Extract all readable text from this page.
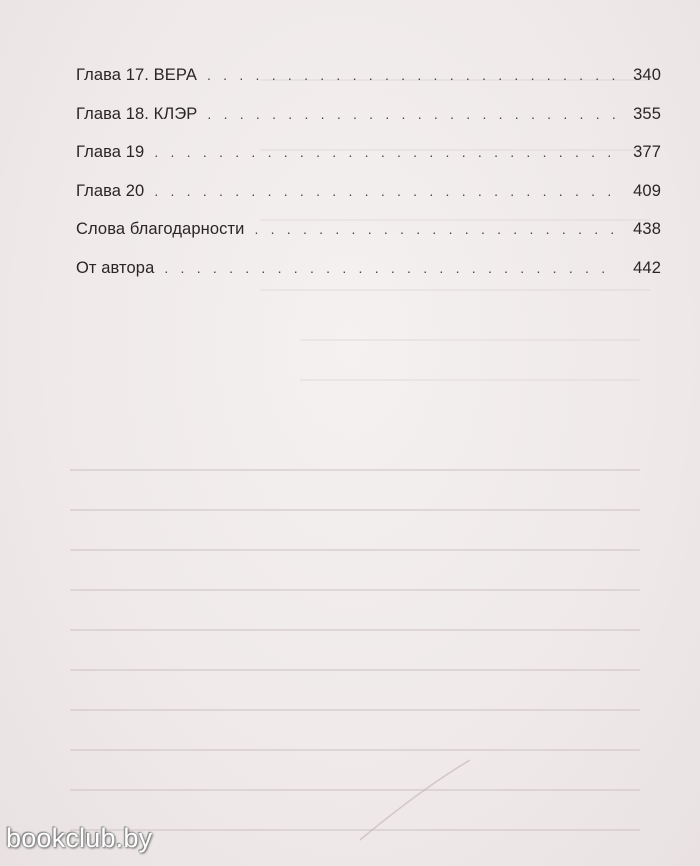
Глава 17. ВЕРА . . .	340
Глава 18. КЛЭР . . .	355
Глава 19 . . .	377
Глава 20 . . .	409
Слова благодарности . . .	438
От автора . . .	442
bookclub.by
